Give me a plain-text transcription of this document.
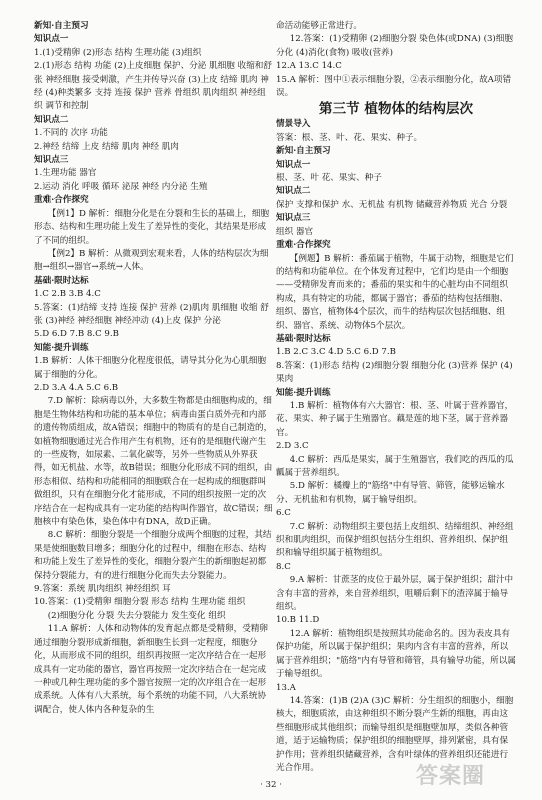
新知·自主预习

知识点一

1.(1)受精卵 (2)形态 结构 生理功能 (3)组织

2.(1)形态 结构 功能 (2)上皮细胞 保护、分泌 肌细胞 收缩和舒张 神经细胞 接受刺激，产生并传导兴奋 (3)上皮 结缔 肌肉 神经 (4)种类繁多 支持 连接 保护 营养 骨组织 肌肉组织 神经组织 调节和控制

知识点二

1.不同的 次序 功能

2.神经 结缔 上皮 结缔 肌肉 神经 肌肉

知识点三

1.生理功能 器官

2.运动 消化 呼吸 循环 泌尿 神经 内分泌 生殖

重难·合作探究

【例1】D 解析：细胞分化是在分裂和生长的基础上，细胞形态、结构和生理功能上发生了差异性的变化，其结果是形成了不同的组织。

【例2】B 解析：从微观到宏观来看，人体的结构层次为细胞→组织→器官→系统→人体。

基础·限时达标

1.C 2.B 3.B 4.C

5.答案：(1)结缔 支持 连接 保护 营养 (2)肌肉 肌细胞 收缩 舒张 (3)神经 神经细胞 神经冲动 (4)上皮 保护 分泌

5.D 6.D 7.B 8.C 9.B

知能·提升训练

1.B 解析：人体干细胞分化程度很低，请导其分化为心肌细胞属于细胞的分化。

2.D 3.A 4.A 5.C 6.B

7.D 解析：除病毒以外，大多数生物都是由细胞构成的，细胞是生物体结构和功能的基本单位；病毒由蛋白质外壳和内部的遗传物质组成，故A错误；细胞中的物质有的是自己制造的，如植物细胞通过光合作用产生有机物，还有的是细胞代谢产生的一些废物，如尿素、二氧化碳等，另外一些物质从外界获得，如无机盐、水等，故B错误；细胞分化形成不同的组织，由形态相似、结构和功能相同的细胞联合在一起构成的细胞群叫做组织，只有在细胞分化才能形成，不同的组织按照一定的次序结合在一起构成具有一定功能的结构叫作器官，故C错误；细胞核中有染色体，染色体中有DNA，故D正确。

8.C 解析：细胞分裂是一个细胞分成两个细胞的过程，其结果是使细胞数目增多；细胞分化的过程中，细胞在形态、结构和功能上发生了差异性的变化，细胞分裂产生的新细胞起初都保持分裂能力，有的进行细胞分化而失去分裂能力。

9.答案：系统 肌肉组织 神经组织 耳

10.答案：(1)受精卵 细胞分裂 形态 结构 生理功能 组织

(2)细胞分化 分裂 失去分裂能力 发生变化 组织

11.A 解析：人体和动物体的发育起点都是受精卵，受精卵通过细胞分裂形成新细胞，新细胞生长到一定程度，细胞分化，从而形成不同的组织，组织再按照一定次序结合在一起形成具有一定功能的器官，器官再按照一定次序结合在一起完成一种或几种生理功能的多个器官按照一定的次序组合在一起形成系统。人体有八大系统，每个系统的功能不同，八大系统协调配合，使人体内各种复杂的生

命活动能够正常进行。

12.答案：(1)受精卵 (2)细胞分裂 染色体(或DNA) (3)细胞分化 (4)消化(食物) 吸收(营养)

12.A 13.C 14.C

15.A 解析：图中①表示细胞分裂，②表示细胞分化，故A项错误。

第三节 植物体的结构层次

情景导入

答案：根、茎、叶、花、果实、种子。

新知·自主预习

知识点一

根、茎、叶 花、果实、种子

知识点二

保护 支撑和保护 水、无机盐 有机物 储藏营养物质 光合 分裂

知识点三

组织 器官

重难·合作探究

【例题】B 解析：番茄属于植物，牛属于动物，细胞是它们的结构和功能单位。在个体发育过程中，它们均是由一个细胞——受精卵发育而来的；番茄的果实和牛的心脏均由不同组织构成，具有特定的功能，都属于器官；番茄的结构包括细胞、组织、器官，植物体4个层次，而牛的结构层次包括细胞、组织、器官、系统、动物体5个层次。

基础·限时达标

1.B 2.C 3.C 4.D 5.C 6.D 7.B

8.答案：(1)形态 结构 (2)细胞分裂 细胞分化 (3)营养 保护 (4)果肉

知能·提升训练

1.B 解析：植物体有六大器官：根、茎、叶属于营养器官，花、果实、种子属于生殖器官。藕是莲的地下茎，属于营养器官。

2.D 3.C

4.C 解析：西瓜是果实，属于生殖器官，我们吃的西瓜的瓜瓤属于营养组织。

5.D 解析：橘瓣上的"筋络"中有导管、筛管，能够运输水分、无机盐和有机物，属于输导组织。

6.C

7.C 解析：动物组织主要包括上皮组织、结缔组织、神经组织和肌肉组织，而保护组织包括分生组织、营养组织、保护组织和输导组织属于植物组织。

8.C

9.A 解析：甘蔗茎的皮位于最外层，属于保护组织；甜汁中含有丰富的营养，来自营养组织，咀嚼后剩下的渣滓属于输导组织。

10.B 11.D

12.A 解析：植物组织是按照其功能命名的。因为表皮具有保护功能，所以属于保护组织；果肉内含有丰富的营养，所以属于营养组织；"筋络"内有导管和筛管，具有输导功能，所以属于输导组织。

13.A

14.答案：(1)B (2)A (3)C 解析：分生组织的细胞小，细胞核大，细胞质浓，由这种组织不断分裂产生新的细胞，再由这些细胞形成其他组织；而输导组织是细胞壁加厚，类似各种管道，适于运输物质；保护组织的细胞壁厚，排列紧密，具有保护作用；营养组织储藏营养，含有叶绿体的营养组织还能进行光合作用。

· 32 ·	答案圈
